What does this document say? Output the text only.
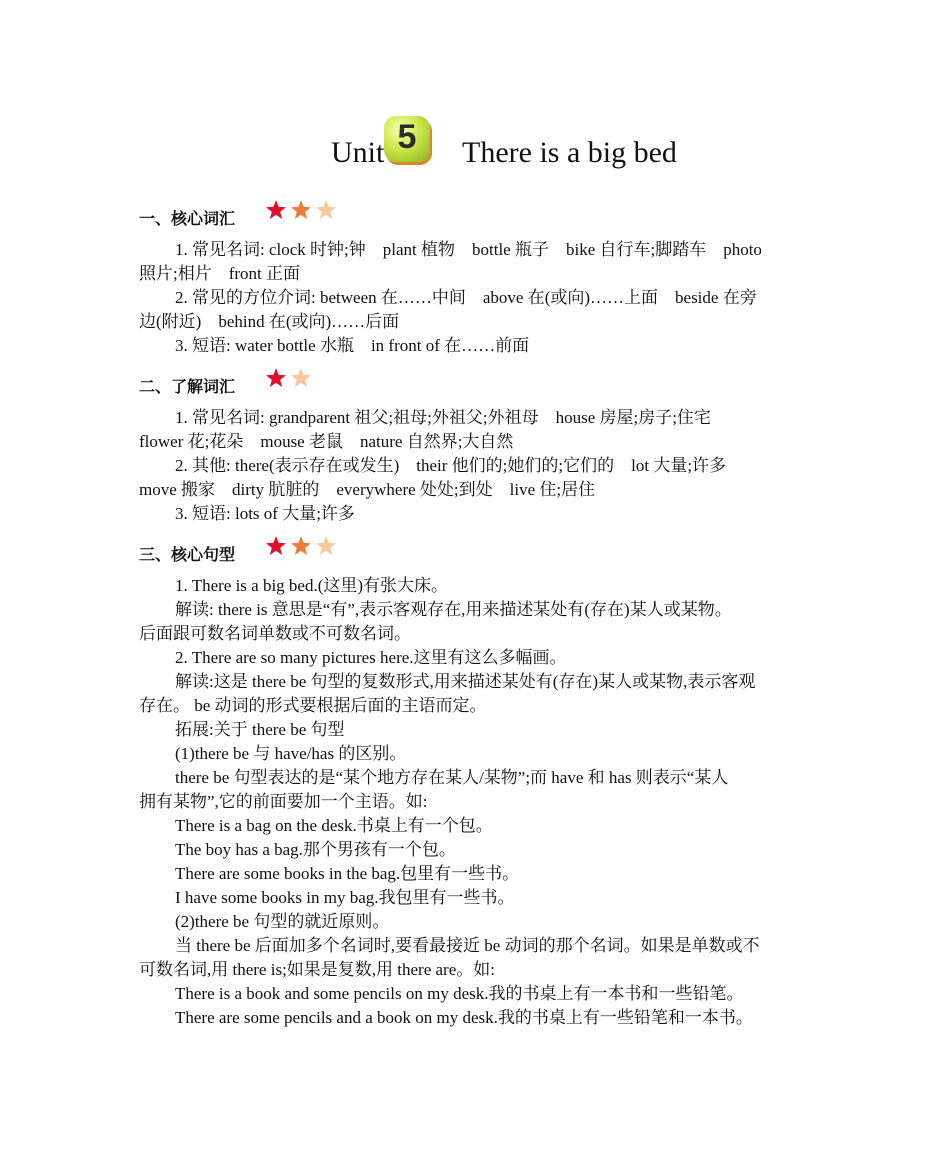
Unit 5	There is a big bed
一、核心词汇
1. 常见名词: clock 时钟;钟　plant 植物　bottle 瓶子　bike 自行车;脚踏车　photo
照片;相片　front 正面
2. 常见的方位介词: between 在……中间　above 在(或向)……上面　beside 在旁
边(附近)　behind 在(或向)……后面
3. 短语: water bottle 水瓶　in front of 在……前面
二、了解词汇
1. 常见名词: grandparent 祖父;祖母;外祖父;外祖母　house 房屋;房子;住宅
flower 花;花朵　mouse 老鼠　nature 自然界;大自然
2. 其他: there(表示存在或发生)　their 他们的;她们的;它们的　lot 大量;许多
move 搬家　dirty 肮脏的　everywhere 处处;到处　live 住;居住
3. 短语: lots of 大量;许多
三、核心句型
1. There is a big bed.(这里)有张大床。
解读: there is 意思是“有”,表示客观存在,用来描述某处有(存在)某人或某物。
后面跟可数名词单数或不可数名词。
2. There are so many pictures here.这里有这么多幅画。
解读:这是 there be 句型的复数形式,用来描述某处有(存在)某人或某物,表示客观
存在。 be 动词的形式要根据后面的主语而定。
拓展:关于 there be 句型
(1)there be 与 have/has 的区别。
there be 句型表达的是“某个地方存在某人/某物”;而 have 和 has 则表示“某人
拥有某物”,它的前面要加一个主语。如:
There is a bag on the desk.书桌上有一个包。
The boy has a bag.那个男孩有一个包。
There are some books in the bag.包里有一些书。
I have some books in my bag.我包里有一些书。
(2)there be 句型的就近原则。
当 there be 后面加多个名词时,要看最接近 be 动词的那个名词。如果是单数或不
可数名词,用 there is;如果是复数,用 there are。如:
There is a book and some pencils on my desk.我的书桌上有一本书和一些铅笔。
There are some pencils and a book on my desk.我的书桌上有一些铅笔和一本书。
